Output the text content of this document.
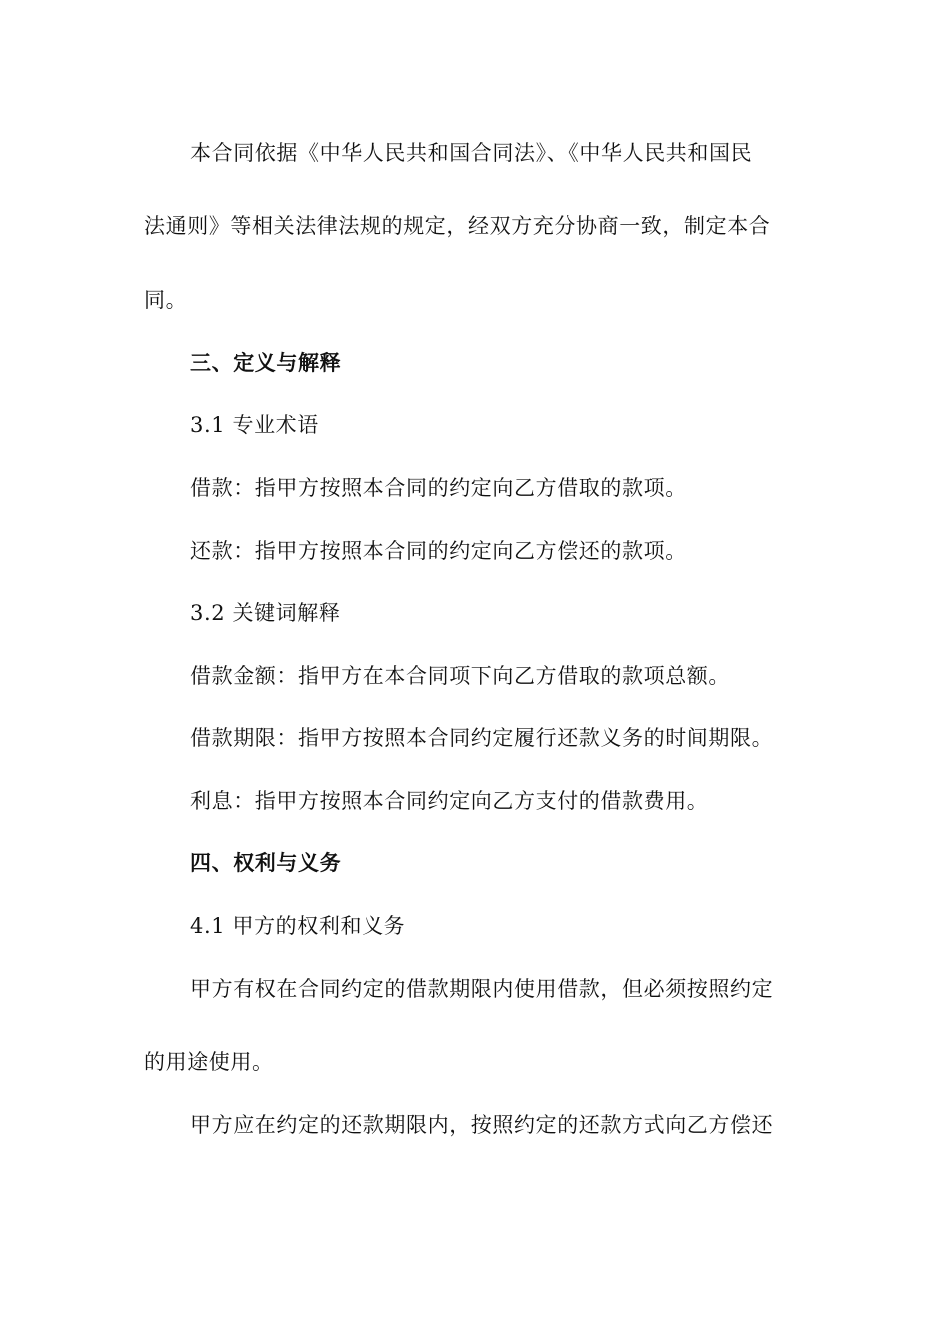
本合同依据《中华人民共和国合同法》、《中华人民共和国民
法通则》等相关法律法规的规定，经双方充分协商一致，制定本合
同。
三、定义与解释
3.1 专业术语
借款：指甲方按照本合同的约定向乙方借取的款项。
还款：指甲方按照本合同的约定向乙方偿还的款项。
3.2 关键词解释
借款金额：指甲方在本合同项下向乙方借取的款项总额。
借款期限：指甲方按照本合同约定履行还款义务的时间期限。
利息：指甲方按照本合同约定向乙方支付的借款费用。
四、权利与义务
4.1 甲方的权利和义务
甲方有权在合同约定的借款期限内使用借款，但必须按照约定
的用途使用。
甲方应在约定的还款期限内，按照约定的还款方式向乙方偿还
